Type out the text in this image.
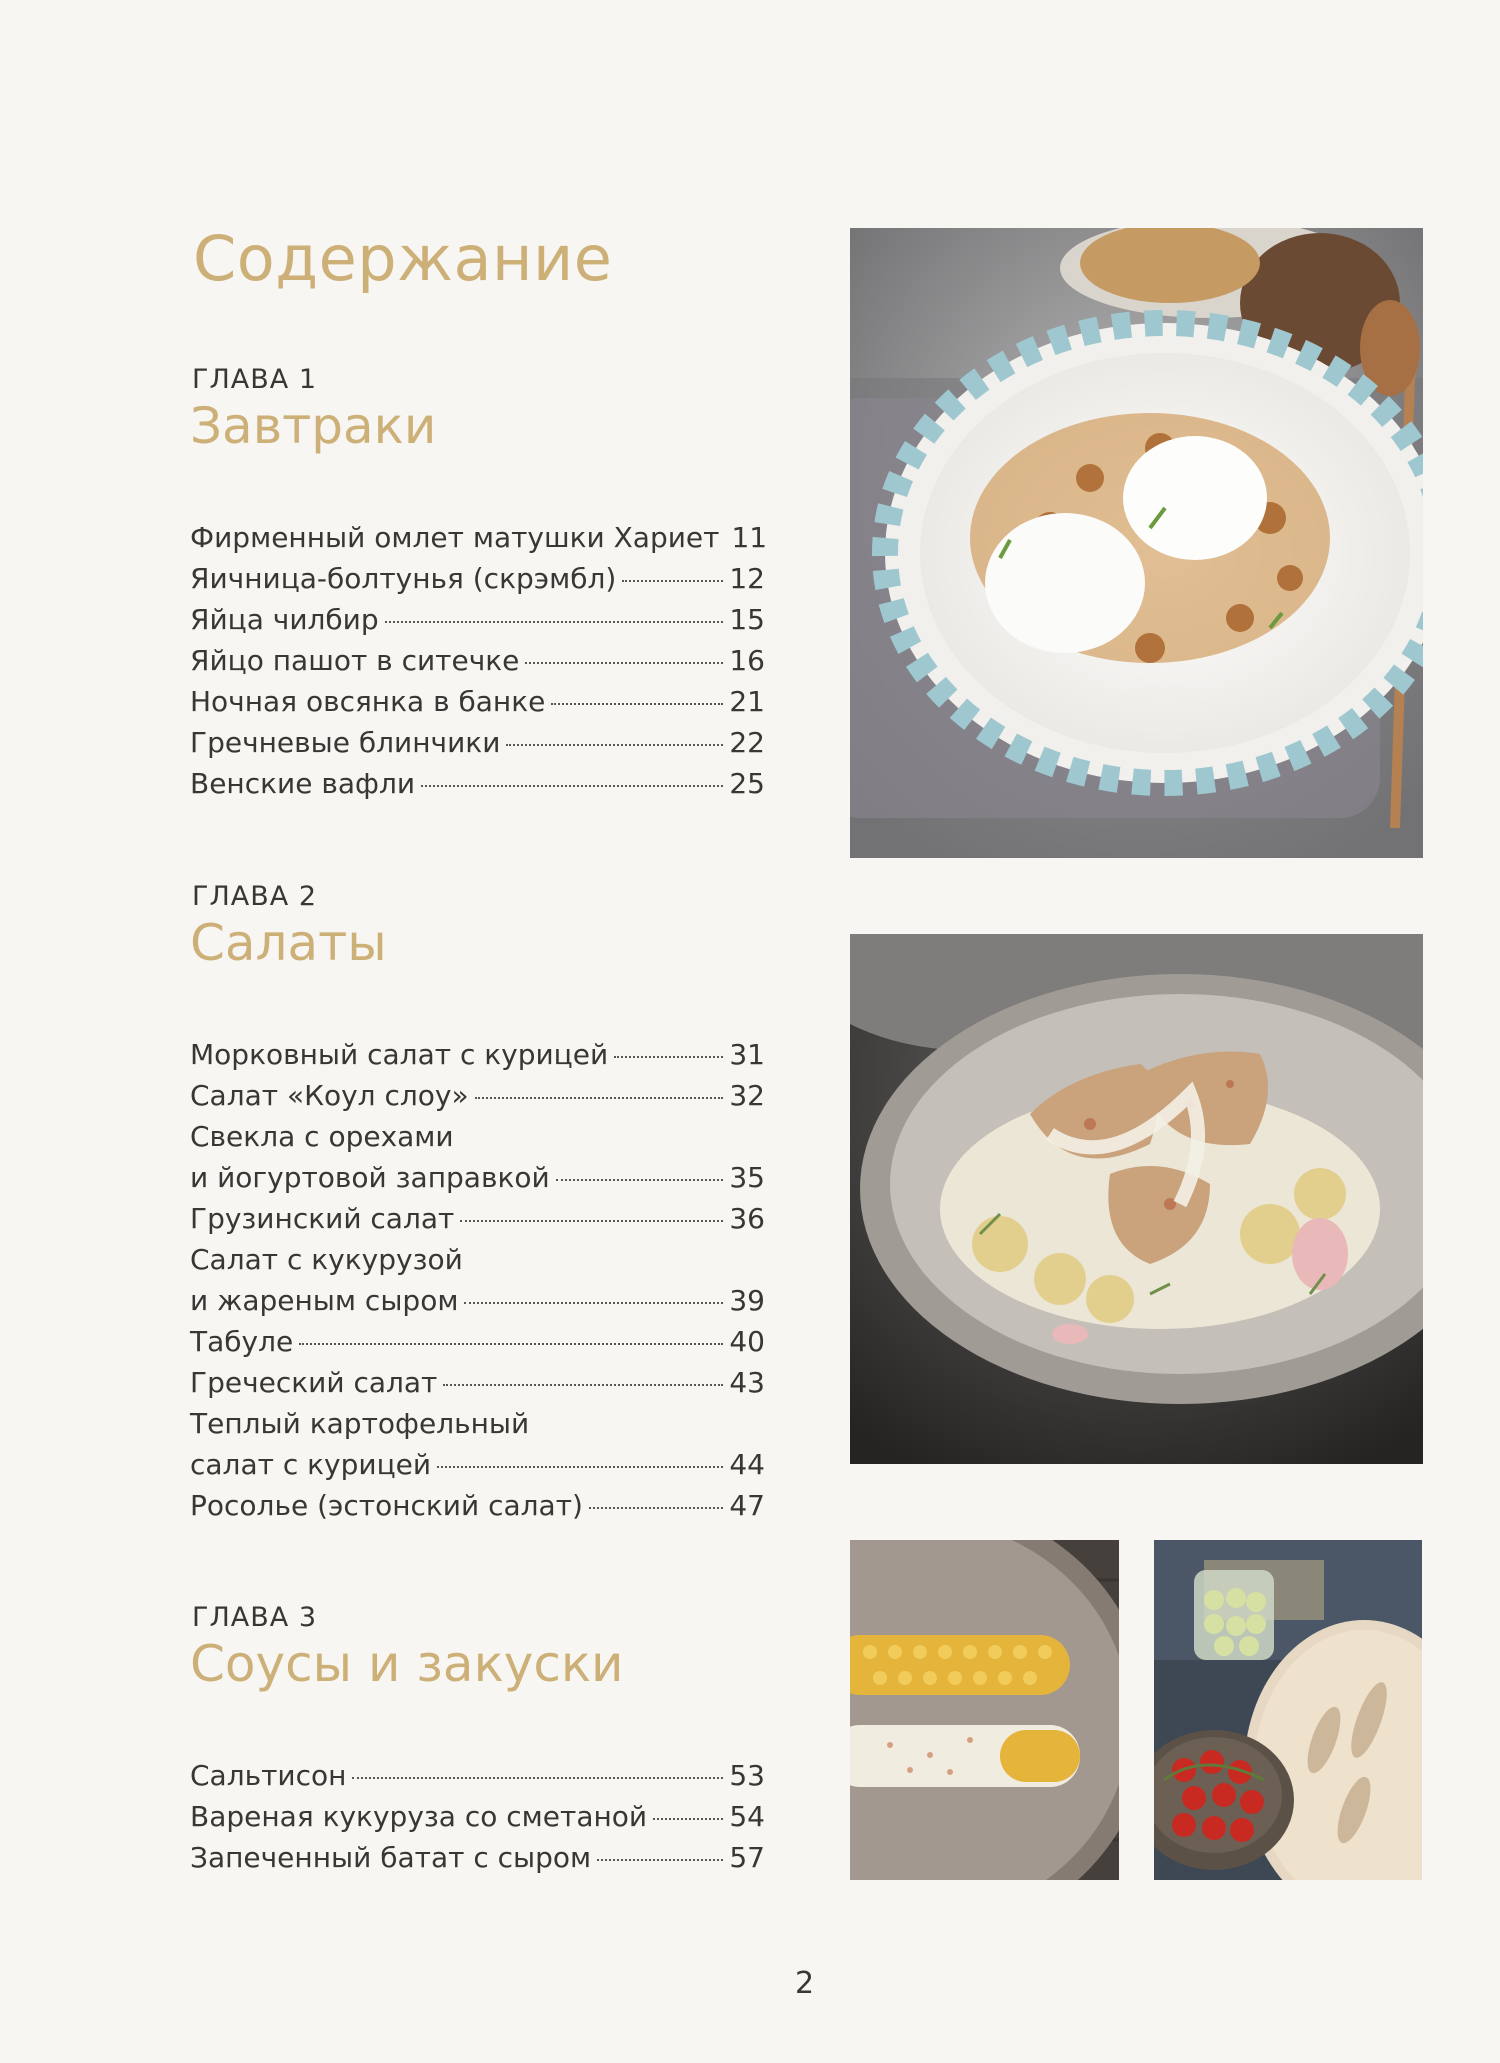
Содержание
ГЛАВА 1
Завтраки
Фирменный омлет матушки Хариет 11
Яичница-болтунья (скрэмбл)	12
Яйца чилбир	15
Яйцо пашот в ситечке	16
Ночная овсянка в банке	21
Гречневые блинчики	22
Венские вафли	25
ГЛАВА 2
Салаты
Морковный салат с курицей	31
Салат «Коул слоу»	32
Свекла с орехами
и йогуртовой заправкой	35
Грузинский салат	36
Салат с кукурузой
и жареным сыром	39
Табуле	40
Греческий салат	43
Теплый картофельный
салат с курицей	44
Росолье (эстонский салат)	47
ГЛАВА 3
Соусы и закуски
Сальтисон	53
Вареная кукуруза со сметаной	54
Запеченный батат с сыром	57
2
